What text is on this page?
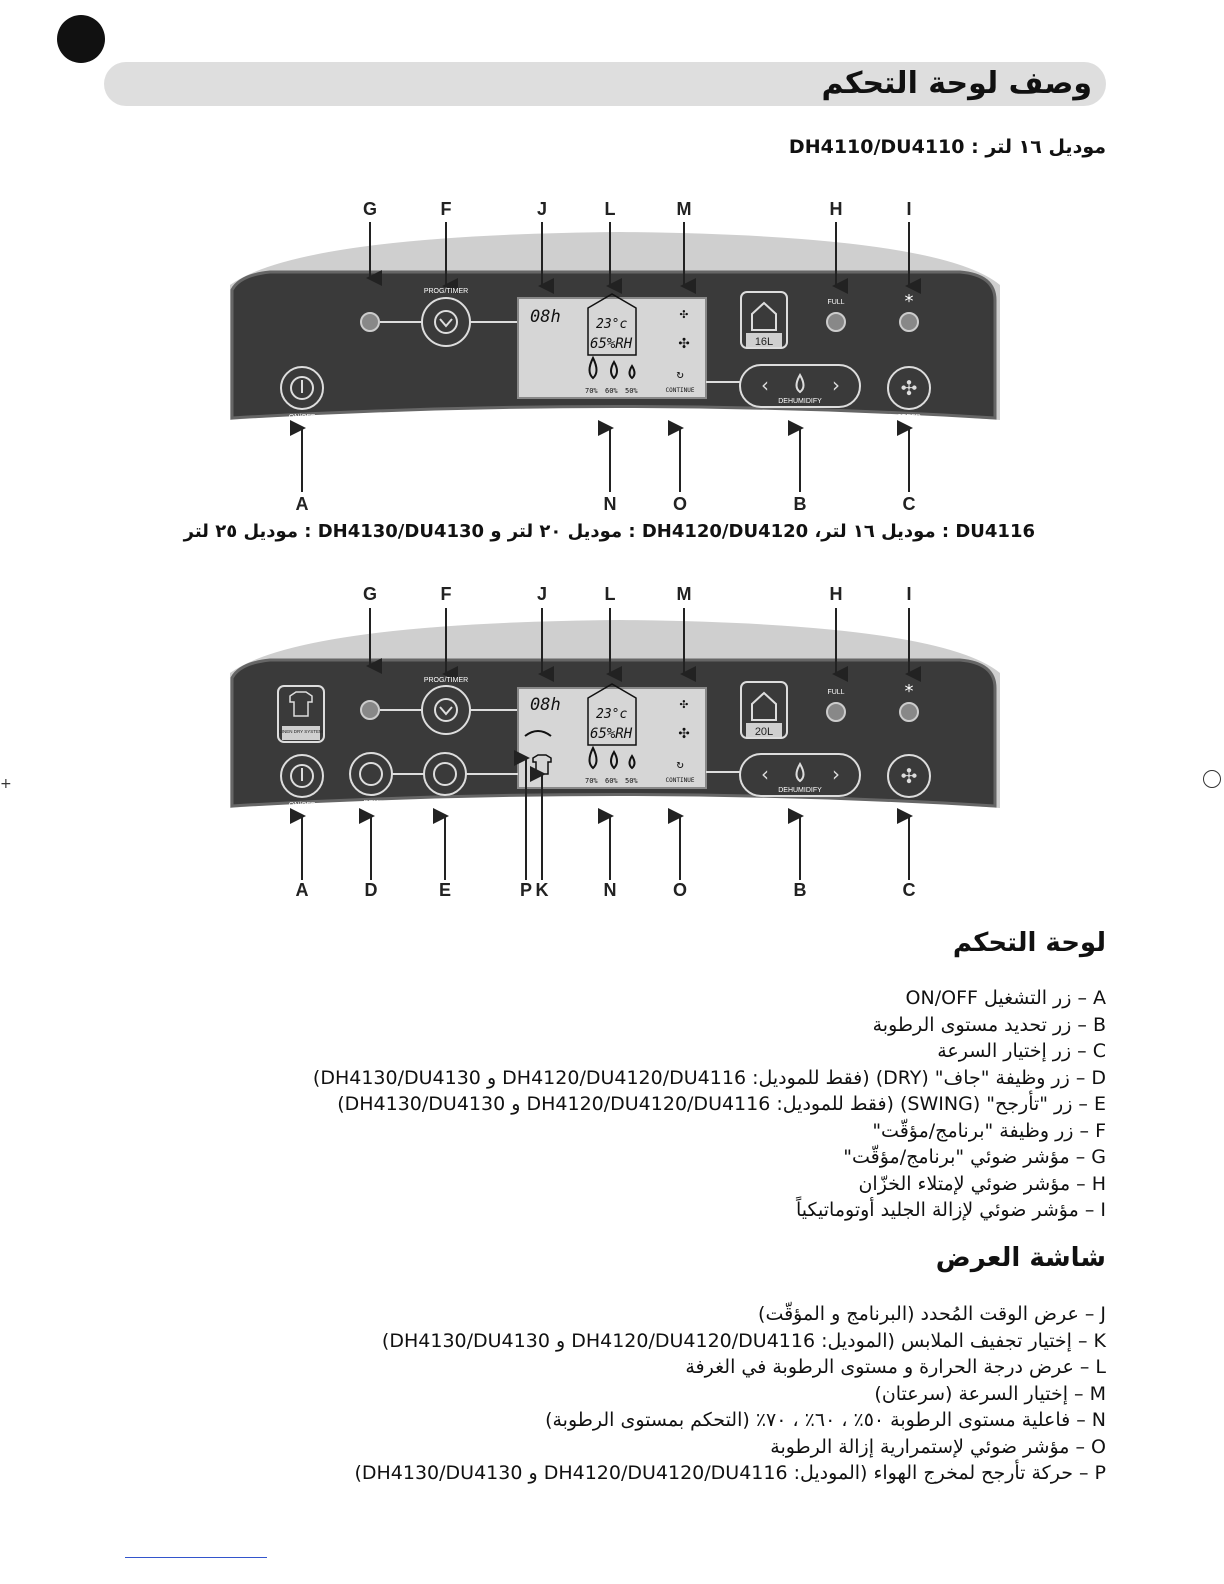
وصف لوحة التحكم
موديل ١٦ لتر : DH4110/DU4110
G	F	J	L	M	H	I
PROG/TIMER
08h	23°c
65%RH
70% 60% 50%
✣
✣
↻
CONTINUE
16L
FULL	*
‹	›
DEHUMIDIFY
✣
SPEED
ON/OFF
A	N	O	B	C
DU4116 : موديل ١٦ لتر، DH4120/DU4120 : موديل ٢٠ لتر و DH4130/DU4130 : موديل ٢٥ لتر
G	F	J	L	M	H	I
LINEN DRY SYSTEM
PROG/TIMER
08h	23°c
65%RH
70% 60% 50%
✣
✣
↻
CONTINUE
20L
FULL	*
ON/OFF	DRY	SWING
‹	›
DEHUMIDIFY
✣
SPEED
A	D	E	P K	N	O	B	C
+
لوحة التحكم
A – زر التشغيل ON/OFF
B – زر تحديد مستوى الرطوبة
C – زر إختيار السرعة
D – زر وظيفة "جاف" (DRY) (فقط للموديل: DH4120/DU4120/DU4116 و DH4130/DU4130)
E – زر "تأرجح" (SWING) (فقط للموديل: DH4120/DU4120/DU4116 و DH4130/DU4130)
F – زر وظيفة "برنامج/مؤقّت"
G – مؤشر ضوئي "برنامج/مؤقّت"
H – مؤشر ضوئي لإمتلاء الخزّان
I – مؤشر ضوئي لإزالة الجليد أوتوماتيكياً
شاشة العرض
J – عرض الوقت المُحدد (البرنامج و المؤقّت)
K – إختيار تجفيف الملابس (الموديل: DH4120/DU4120/DU4116 و DH4130/DU4130)
L – عرض درجة الحرارة و مستوى الرطوبة في الغرفة
M – إختيار السرعة (سرعتان)
N – فاعلية مستوى الرطوبة ٥٠٪ ، ٦٠٪ ، ٧٠٪ (التحكم بمستوى الرطوبة)
O – مؤشر ضوئي لإستمرارية إزالة الرطوبة
P – حركة تأرجح لمخرج الهواء (الموديل: DH4120/DU4120/DU4116 و DH4130/DU4130)
